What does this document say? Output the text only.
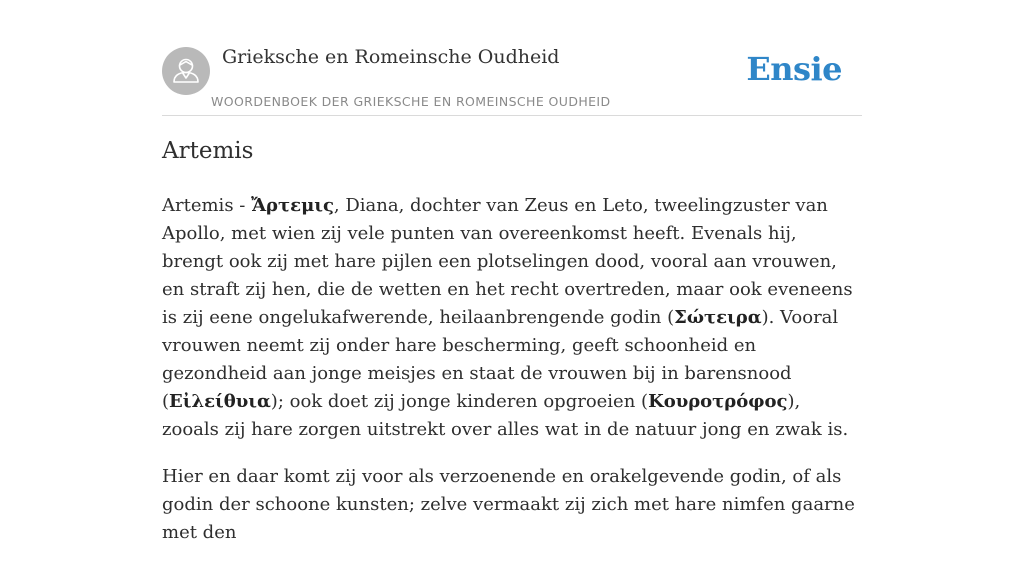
Grieksche en Romeinsche Oudheid
WOORDENBOEK DER GRIEKSCHE EN ROMEINSCHE OUDHEID
Ensie
Artemis

Artemis - Ἄρτεμις, Diana, dochter van Zeus en Leto, tweelingzuster van Apollo, met wien zij vele punten van overeenkomst heeft. Evenals hij, brengt ook zij met hare pijlen een plotselingen dood, vooral aan vrouwen, en straft zij hen, die de wetten en het recht overtreden, maar ook eveneens is zij eene ongelukafwerende, heilaanbrengende godin (Σώτειρα). Vooral vrouwen neemt zij onder hare bescherming, geeft schoonheid en gezondheid aan jonge meisjes en staat de vrouwen bij in barensnood (Εἰλείθυια); ook doet zij jonge kinderen opgroeien (Κουροτρόφος), zooals zij hare zorgen uitstrekt over alles wat in de natuur jong en zwak is.

Hier en daar komt zij voor als verzoenende en orakelgevende godin, of als godin der schoone kunsten; zelve vermaakt zij zich met hare nimfen gaarne met den
